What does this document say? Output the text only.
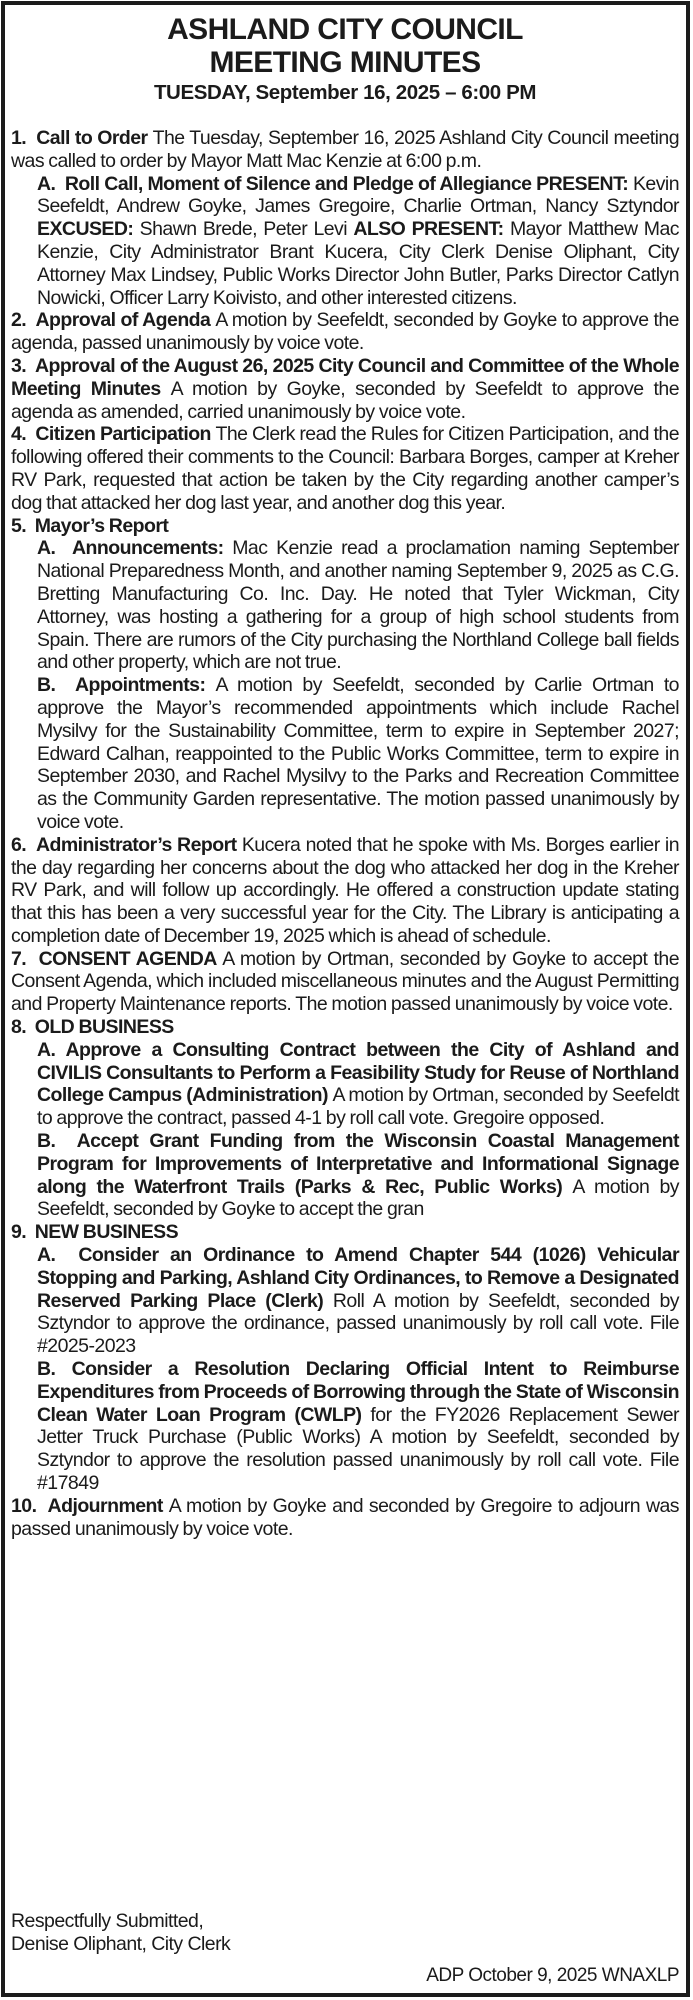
ASHLAND CITY COUNCIL
MEETING MINUTES
TUESDAY, September 16, 2025 – 6:00 PM

1.  Call to Order The Tuesday, September 16, 2025 Ashland City Council meeting was called to order by Mayor Matt Mac Kenzie at 6:00 p.m.

A.  Roll Call, Moment of Silence and Pledge of Allegiance PRESENT: Kevin Seefeldt, Andrew Goyke, James Gregoire, Charlie Ortman, Nancy Sztyndor EXCUSED: Shawn Brede, Peter Levi ALSO PRESENT: Mayor Matthew Mac Kenzie, City Administrator Brant Kucera, City Clerk Denise Oliphant, City Attorney Max Lindsey, Public Works Director John Butler, Parks Director Catlyn Nowicki, Officer Larry Koivisto, and other interested citizens.

2.  Approval of Agenda A motion by Seefeldt, seconded by Goyke to approve the agenda, passed unanimously by voice vote.

3.  Approval of the August 26, 2025 City Council and Committee of the Whole Meeting Minutes A motion by Goyke, seconded by Seefeldt to approve the agenda as amended, carried unanimously by voice vote.

4.  Citizen Participation The Clerk read the Rules for Citizen Participation, and the following offered their comments to the Council: Barbara Borges, camper at Kreher RV Park, requested that action be taken by the City regarding another camper’s dog that attacked her dog last year, and another dog this year.

5.  Mayor’s Report

A.  Announcements: Mac Kenzie read a proclamation naming September National Preparedness Month, and another naming September 9, 2025 as C.G. Bretting Manufacturing Co. Inc. Day. He noted that Tyler Wickman, City Attorney, was hosting a gathering for a group of high school students from Spain. There are rumors of the City purchasing the Northland College ball fields and other property, which are not true.

B.  Appointments: A motion by Seefeldt, seconded by Carlie Ortman to approve the Mayor’s recommended appointments which include Rachel Mysilvy for the Sustainability Committee, term to expire in September 2027; Edward Calhan, reappointed to the Public Works Committee, term to expire in September 2030, and Rachel Mysilvy to the Parks and Recreation Committee as the Community Garden representative. The motion passed unanimously by voice vote.

6.  Administrator’s Report Kucera noted that he spoke with Ms. Borges earlier in the day regarding her concerns about the dog who attacked her dog in the Kreher RV Park, and will follow up accordingly. He offered a construction update stating that this has been a very successful year for the City. The Library is anticipating a completion date of December 19, 2025 which is ahead of schedule.

7.  CONSENT AGENDA A motion by Ortman, seconded by Goyke to accept the Consent Agenda, which included miscellaneous minutes and the August Permitting and Property Maintenance reports. The motion passed unanimously by voice vote.

8.  OLD BUSINESS

A. Approve a Consulting Contract between the City of Ashland and CIVILIS Consultants to Perform a Feasibility Study for Reuse of Northland College Campus (Administration) A motion by Ortman, seconded by Seefeldt to approve the contract, passed 4-1 by roll call vote. Gregoire opposed.

B.  Accept Grant Funding from the Wisconsin Coastal Management Program for Improvements of Interpretative and Informational Signage along the Waterfront Trails (Parks & Rec, Public Works) A motion by Seefeldt, seconded by Goyke to accept the gran

9.  NEW BUSINESS

A.  Consider an Ordinance to Amend Chapter 544 (1026) Vehicular Stopping and Parking, Ashland City Ordinances, to Remove a Designated Reserved Parking Place (Clerk) Roll A motion by Seefeldt, seconded by Sztyndor to approve the ordinance, passed unanimously by roll call vote. File #2025-2023

B. Consider a Resolution Declaring Official Intent to Reimburse Expenditures from Proceeds of Borrowing through the State of Wisconsin Clean Water Loan Program (CWLP) for the FY2026 Replacement Sewer Jetter Truck Purchase (Public Works) A motion by Seefeldt, seconded by Sztyndor to approve the resolution passed unanimously by roll call vote. File #17849

10.  Adjournment A motion by Goyke and seconded by Gregoire to adjourn was passed unanimously by voice vote.

Respectfully Submitted,
Denise Oliphant, City Clerk
ADP October 9, 2025 WNAXLP
